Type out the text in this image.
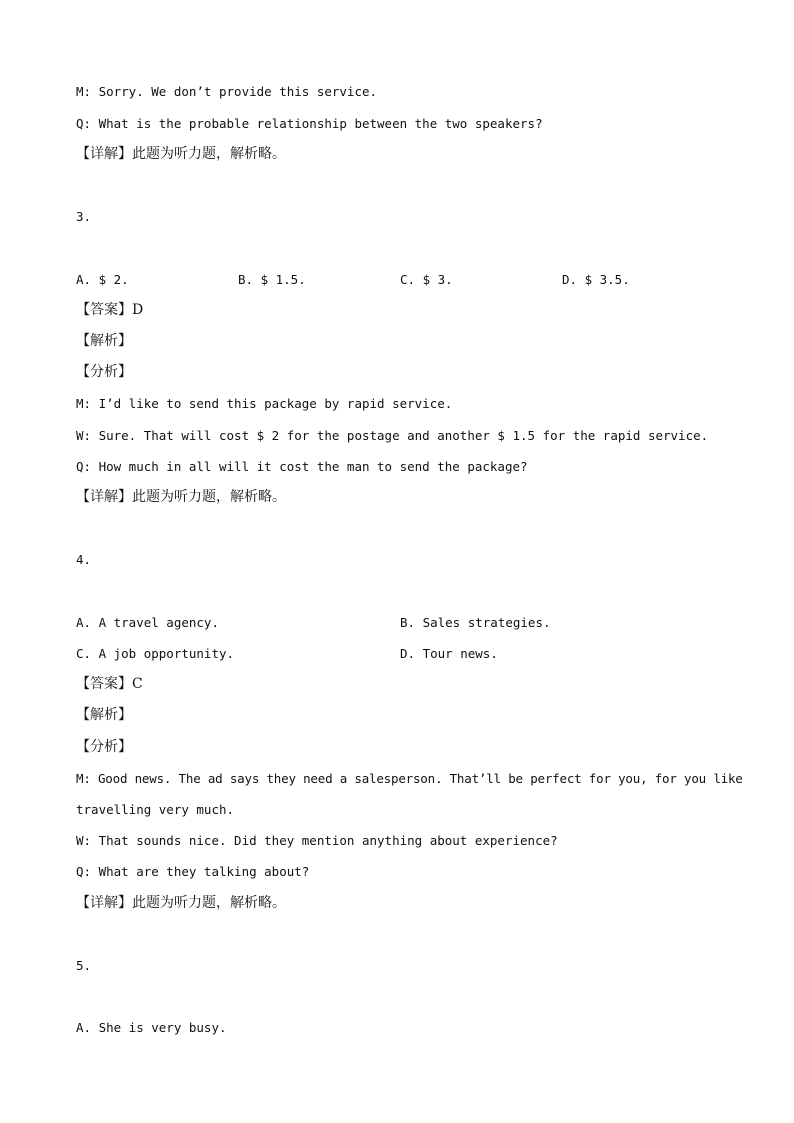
M: Sorry. We don’t provide this service.
Q: What is the probable relationship between the two speakers?
【详解】此题为听力题，解析略。
3.
A. $ 2.	B. $ 1.5.	C. $ 3.	D. $ 3.5.
【答案】D
【解析】
【分析】
M: I’d like to send this package by rapid service.
W: Sure. That will cost $ 2 for the postage and another $ 1.5 for the rapid service.
Q: How much in all will it cost the man to send the package?
【详解】此题为听力题，解析略。
4.
A. A travel agency.	B. Sales strategies.
C. A job opportunity.	D. Tour news.
【答案】C
【解析】
【分析】
M: Good news. The ad says they need a salesperson. That’ll be perfect for you, for you like
travelling very much.
W: That sounds nice. Did they mention anything about experience?
Q: What are they talking about?
【详解】此题为听力题，解析略。
5.
A. She is very busy.
